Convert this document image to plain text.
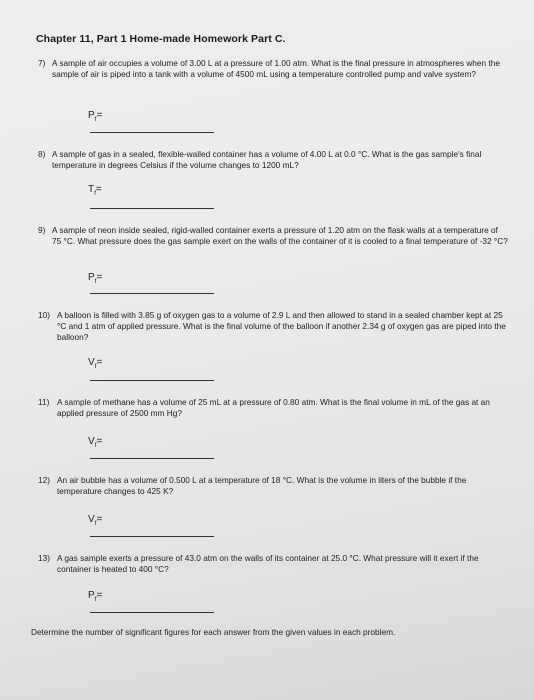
Chapter 11, Part 1 Home-made Homework Part C.
7) A sample of air occupies a volume of 3.00 L at a pressure of 1.00 atm. What is the final pressure in atmospheres when the sample of air is piped into a tank with a volume of 4500 mL using a temperature controlled pump and valve system?
$P_f=$
8) A sample of gas in a sealed, flexible-walled container has a volume of 4.00 L at 0.0 °C. What is the gas sample's final temperature in degrees Celsius if the volume changes to 1200 mL?
$T_f=$
9) A sample of neon inside sealed, rigid-walled container exerts a pressure of 1.20 atm on the flask walls at a temperature of 75 °C. What pressure does the gas sample exert on the walls of the container of it is cooled to a final temperature of -32 °C?
$P_f=$
10) A balloon is filled with 3.85 g of oxygen gas to a volume of 2.9 L and then allowed to stand in a sealed chamber kept at 25 °C and 1 atm of applied pressure. What is the final volume of the balloon if another 2.34 g of oxygen gas are piped into the balloon?
$V_f=$
11) A sample of methane has a volume of 25 mL at a pressure of 0.80 atm. What is the final volume in mL of the gas at an applied pressure of 2500 mm Hg?
$V_f=$
12) An air bubble has a volume of 0.500 L at a temperature of 18 °C. What is the volume in liters of the bubble if the temperature changes to 425 K?
$V_f=$
13) A gas sample exerts a pressure of 43.0 atm on the walls of its container at 25.0 °C. What pressure will it exert if the container is heated to 400 °C?
$P_f=$
Determine the number of significant figures for each answer from the given values in each problem.
